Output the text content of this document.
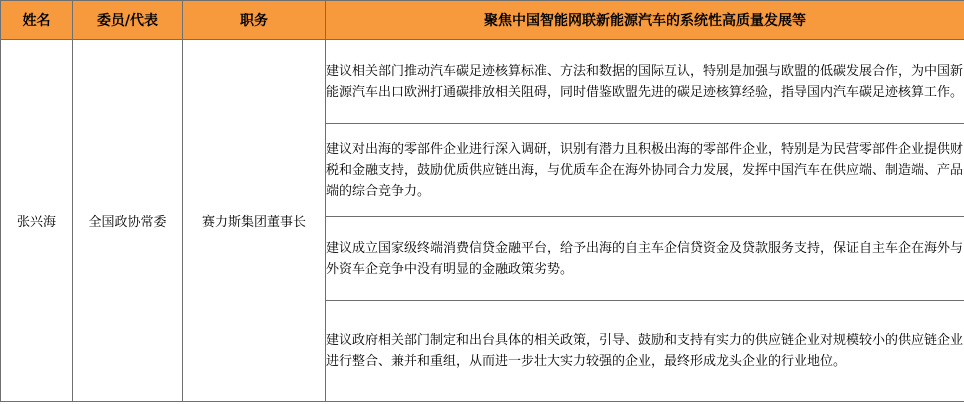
姓名	委员/代表	职务	聚焦中国智能网联新能源汽车的系统性高质量发展等
张兴海	全国政协常委	赛力斯集团董事长	建议相关部门推动汽车碳足迹核算标准、方法和数据的国际互认，特别是加强与欧盟的低碳发展合作，为中国新能源汽车出口欧洲打通碳排放相关阻碍，同时借鉴欧盟先进的碳足迹核算经验，指导国内汽车碳足迹核算工作。
			建议对出海的零部件企业进行深入调研，识别有潜力且积极出海的零部件企业，特别是为民营零部件企业提供财税和金融支持，鼓励优质供应链出海，与优质车企在海外协同合力发展，发挥中国汽车在供应端、制造端、产品端的综合竞争力。
			建议成立国家级终端消费信贷金融平台，给予出海的自主车企信贷资金及贷款服务支持，保证自主车企在海外与外资车企竞争中没有明显的金融政策劣势。
			建议政府相关部门制定和出台具体的相关政策，引导、鼓励和支持有实力的供应链企业对规模较小的供应链企业进行整合、兼并和重组，从而进一步壮大实力较强的企业，最终形成龙头企业的行业地位。
